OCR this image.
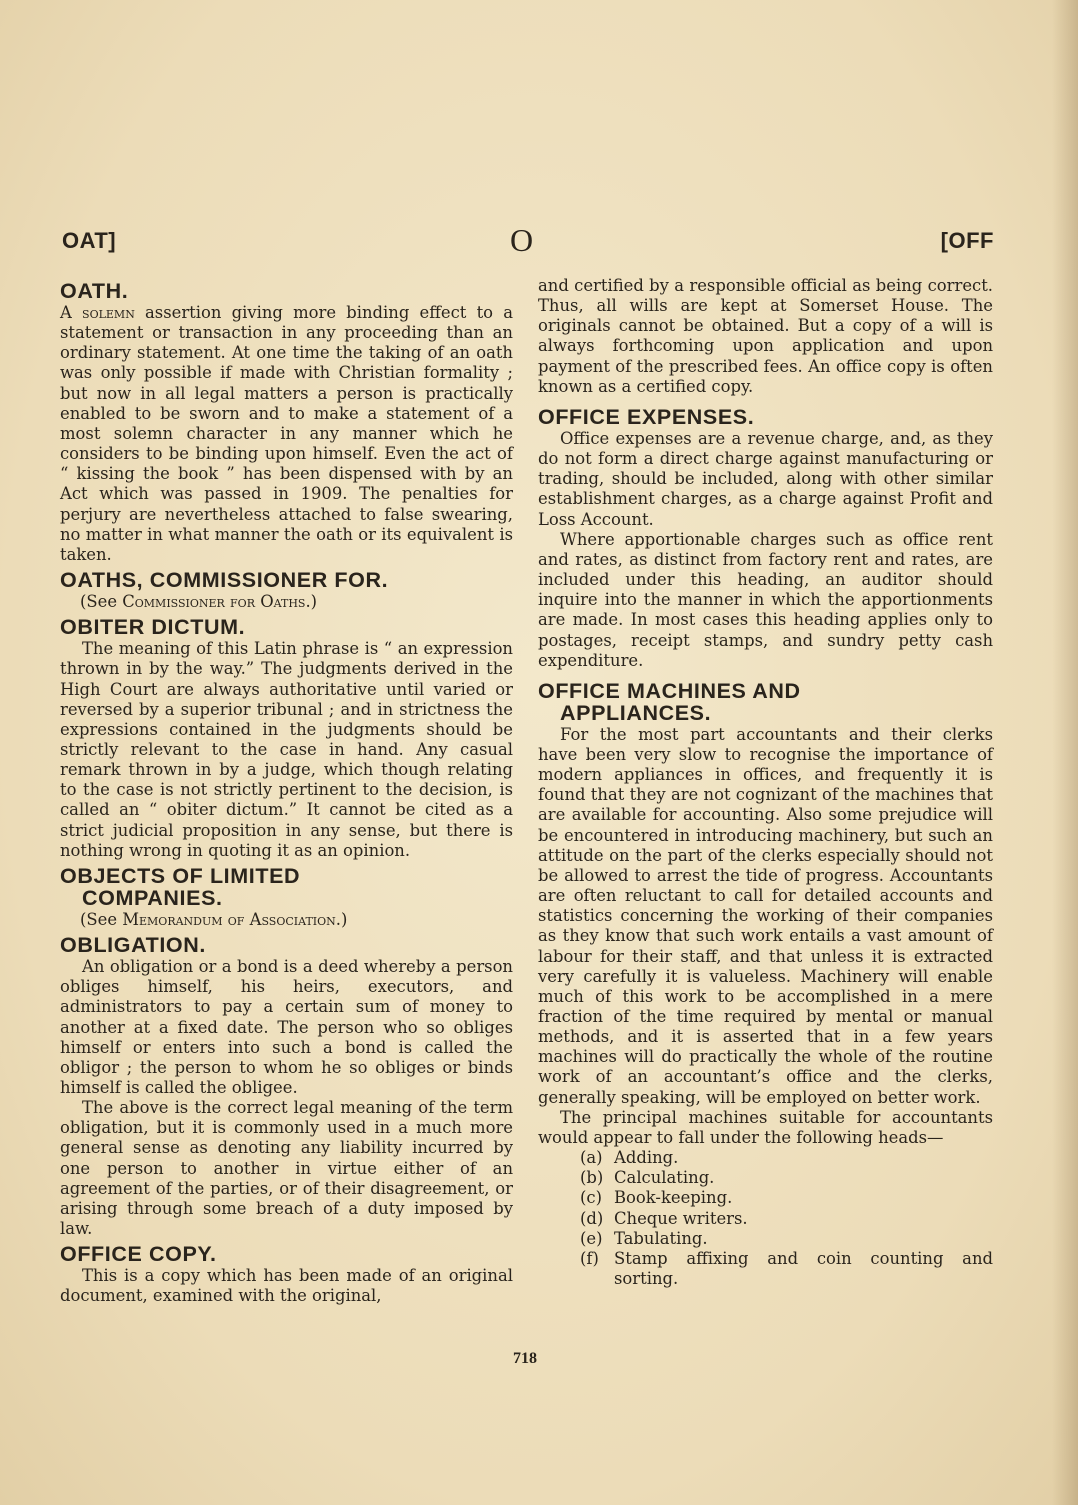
OAT]	O	[OFF
OATH.

A solemn assertion giving more binding effect to a statement or transaction in any proceeding than an ordinary statement. At one time the taking of an oath was only possible if made with Christian formality ; but now in all legal matters a person is practically enabled to be sworn and to make a statement of a most solemn character in any manner which he considers to be binding upon himself. Even the act of “ kissing the book ” has been dispensed with by an Act which was passed in 1909. The penalties for perjury are nevertheless attached to false swearing, no matter in what manner the oath or its equivalent is taken.

OATHS, COMMISSIONER FOR.

(See Commissioner for Oaths.)

OBITER DICTUM.

The meaning of this Latin phrase is “ an expression thrown in by the way.” The judgments derived in the High Court are always authoritative until varied or reversed by a superior tribunal ; and in strictness the expressions contained in the judgments should be strictly relevant to the case in hand. Any casual remark thrown in by a judge, which though relating to the case is not strictly pertinent to the decision, is called an “ obiter dictum.” It cannot be cited as a strict judicial proposition in any sense, but there is nothing wrong in quoting it as an opinion.

OBJECTS OF LIMITED
COMPANIES.

(See Memorandum of Association.)

OBLIGATION.

An obligation or a bond is a deed whereby a person obliges himself, his heirs, executors, and administrators to pay a certain sum of money to another at a fixed date. The person who so obliges himself or enters into such a bond is called the obligor ; the person to whom he so obliges or binds himself is called the obligee.

The above is the correct legal meaning of the term obligation, but it is commonly used in a much more general sense as denoting any liability incurred by one person to another in virtue either of an agreement of the parties, or of their disagreement, or arising through some breach of a duty imposed by law.

OFFICE COPY.

This is a copy which has been made of an original document, examined with the original,

and certified by a responsible official as being correct. Thus, all wills are kept at Somerset House. The originals cannot be obtained. But a copy of a will is always forthcoming upon application and upon payment of the prescribed fees. An office copy is often known as a certified copy.

OFFICE EXPENSES.

Office expenses are a revenue charge, and, as they do not form a direct charge against manufacturing or trading, should be included, along with other similar establishment charges, as a charge against Profit and Loss Account.

Where apportionable charges such as office rent and rates, as distinct from factory rent and rates, are included under this heading, an auditor should inquire into the manner in which the apportionments are made. In most cases this heading applies only to postages, receipt stamps, and sundry petty cash expenditure.

OFFICE MACHINES AND
APPLIANCES.

For the most part accountants and their clerks have been very slow to recognise the importance of modern appliances in offices, and frequently it is found that they are not cognizant of the machines that are available for accounting. Also some prejudice will be encountered in introducing machinery, but such an attitude on the part of the clerks especially should not be allowed to arrest the tide of progress. Accountants are often reluctant to call for detailed accounts and statistics concerning the working of their companies as they know that such work entails a vast amount of labour for their staff, and that unless it is extracted very carefully it is valueless. Machinery will enable much of this work to be accomplished in a mere fraction of the time required by mental or manual methods, and it is asserted that in a few years machines will do practically the whole of the routine work of an accountant’s office and the clerks, generally speaking, will be employed on better work.

The principal machines suitable for accountants would appear to fall under the following heads—

(a) Adding.
(b) Calculating.
(c) Book-keeping.
(d) Cheque writers.
(e) Tabulating.
(f) Stamp affixing and coin counting and sorting.
718
